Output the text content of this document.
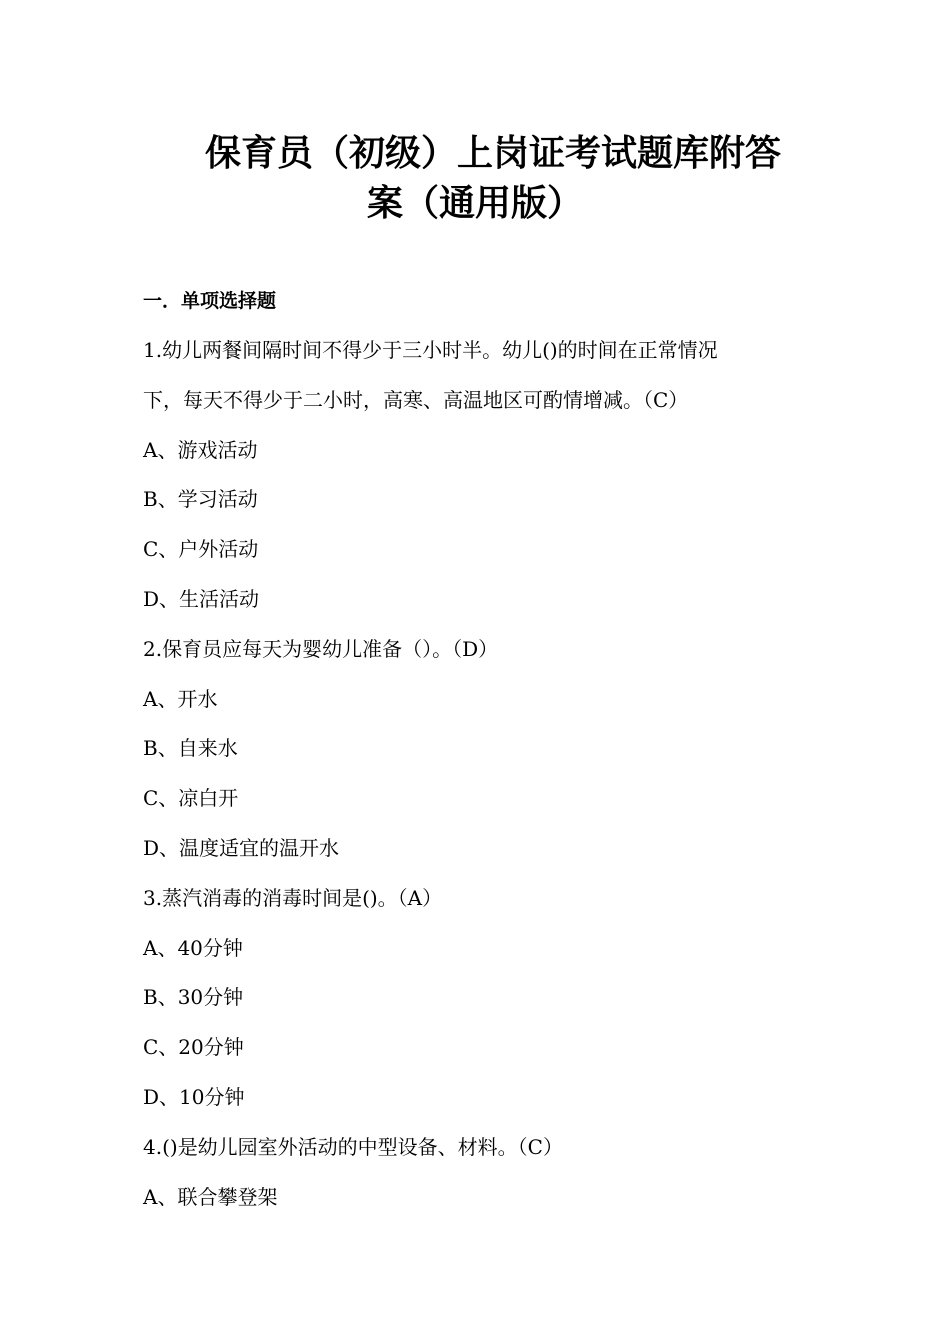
保育员（初级）上岗证考试题库附答
案（通用版）
一．单项选择题
1.幼儿两餐间隔时间不得少于三小时半。幼儿()的时间在正常情况
下，每天不得少于二小时，高寒、高温地区可酌情增减。（C）
A、游戏活动
B、学习活动
C、户外活动
D、生活活动
2.保育员应每天为婴幼儿准备（）。（D）
A、开水
B、自来水
C、凉白开
D、温度适宜的温开水
3.蒸汽消毒的消毒时间是()。（A）
A、40分钟
B、30分钟
C、20分钟
D、10分钟
4.()是幼儿园室外活动的中型设备、材料。（C）
A、联合攀登架
